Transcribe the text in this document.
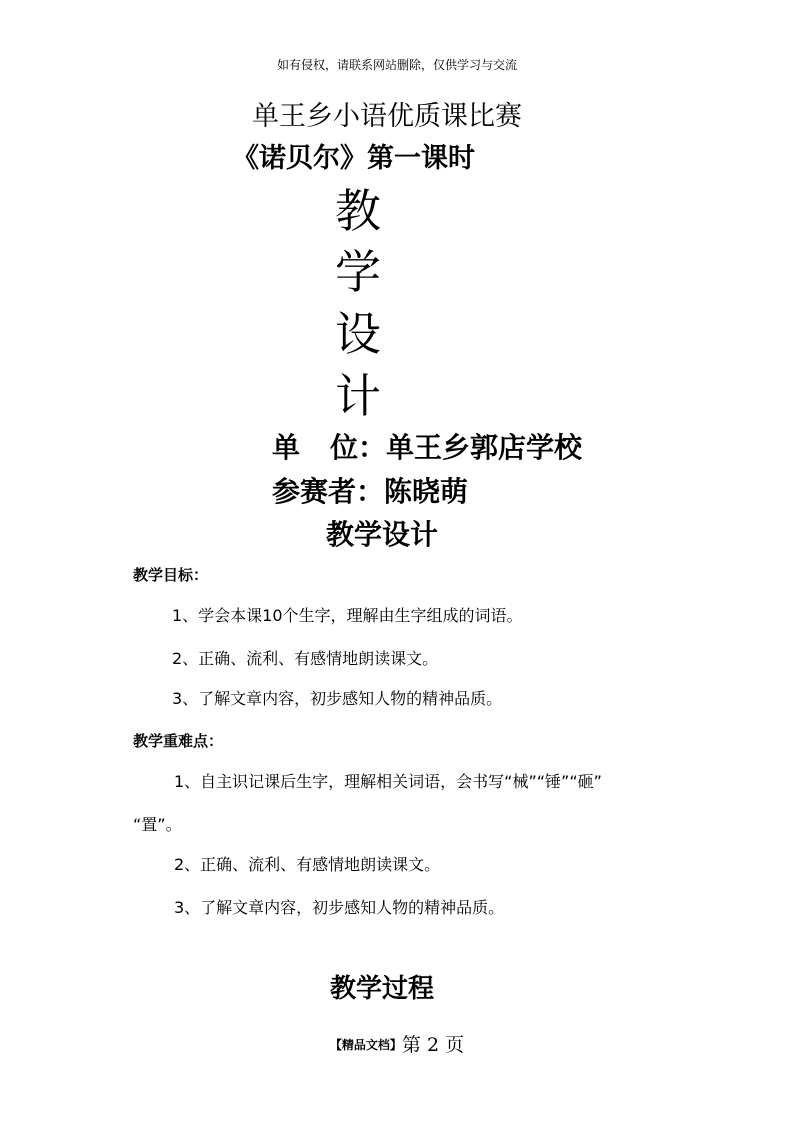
如有侵权，请联系网站删除，仅供学习与交流
单王乡小语优质课比赛
《诺贝尔》第一课时
教
学
设
计
单 位：单王乡郭店学校
参赛者：陈晓萌
教学设计
教学目标：
1、学会本课10个生字，理解由生字组成的词语。
2、正确、流利、有感情地朗读课文。
3、了解文章内容，初步感知人物的精神品质。
教学重难点：
1、自主识记课后生字，理解相关词语，会书写“械”“锤”“砸”
“置”。
2、正确、流利、有感情地朗读课文。
3、了解文章内容，初步感知人物的精神品质。
教学过程
【精品文档】第 2 页
